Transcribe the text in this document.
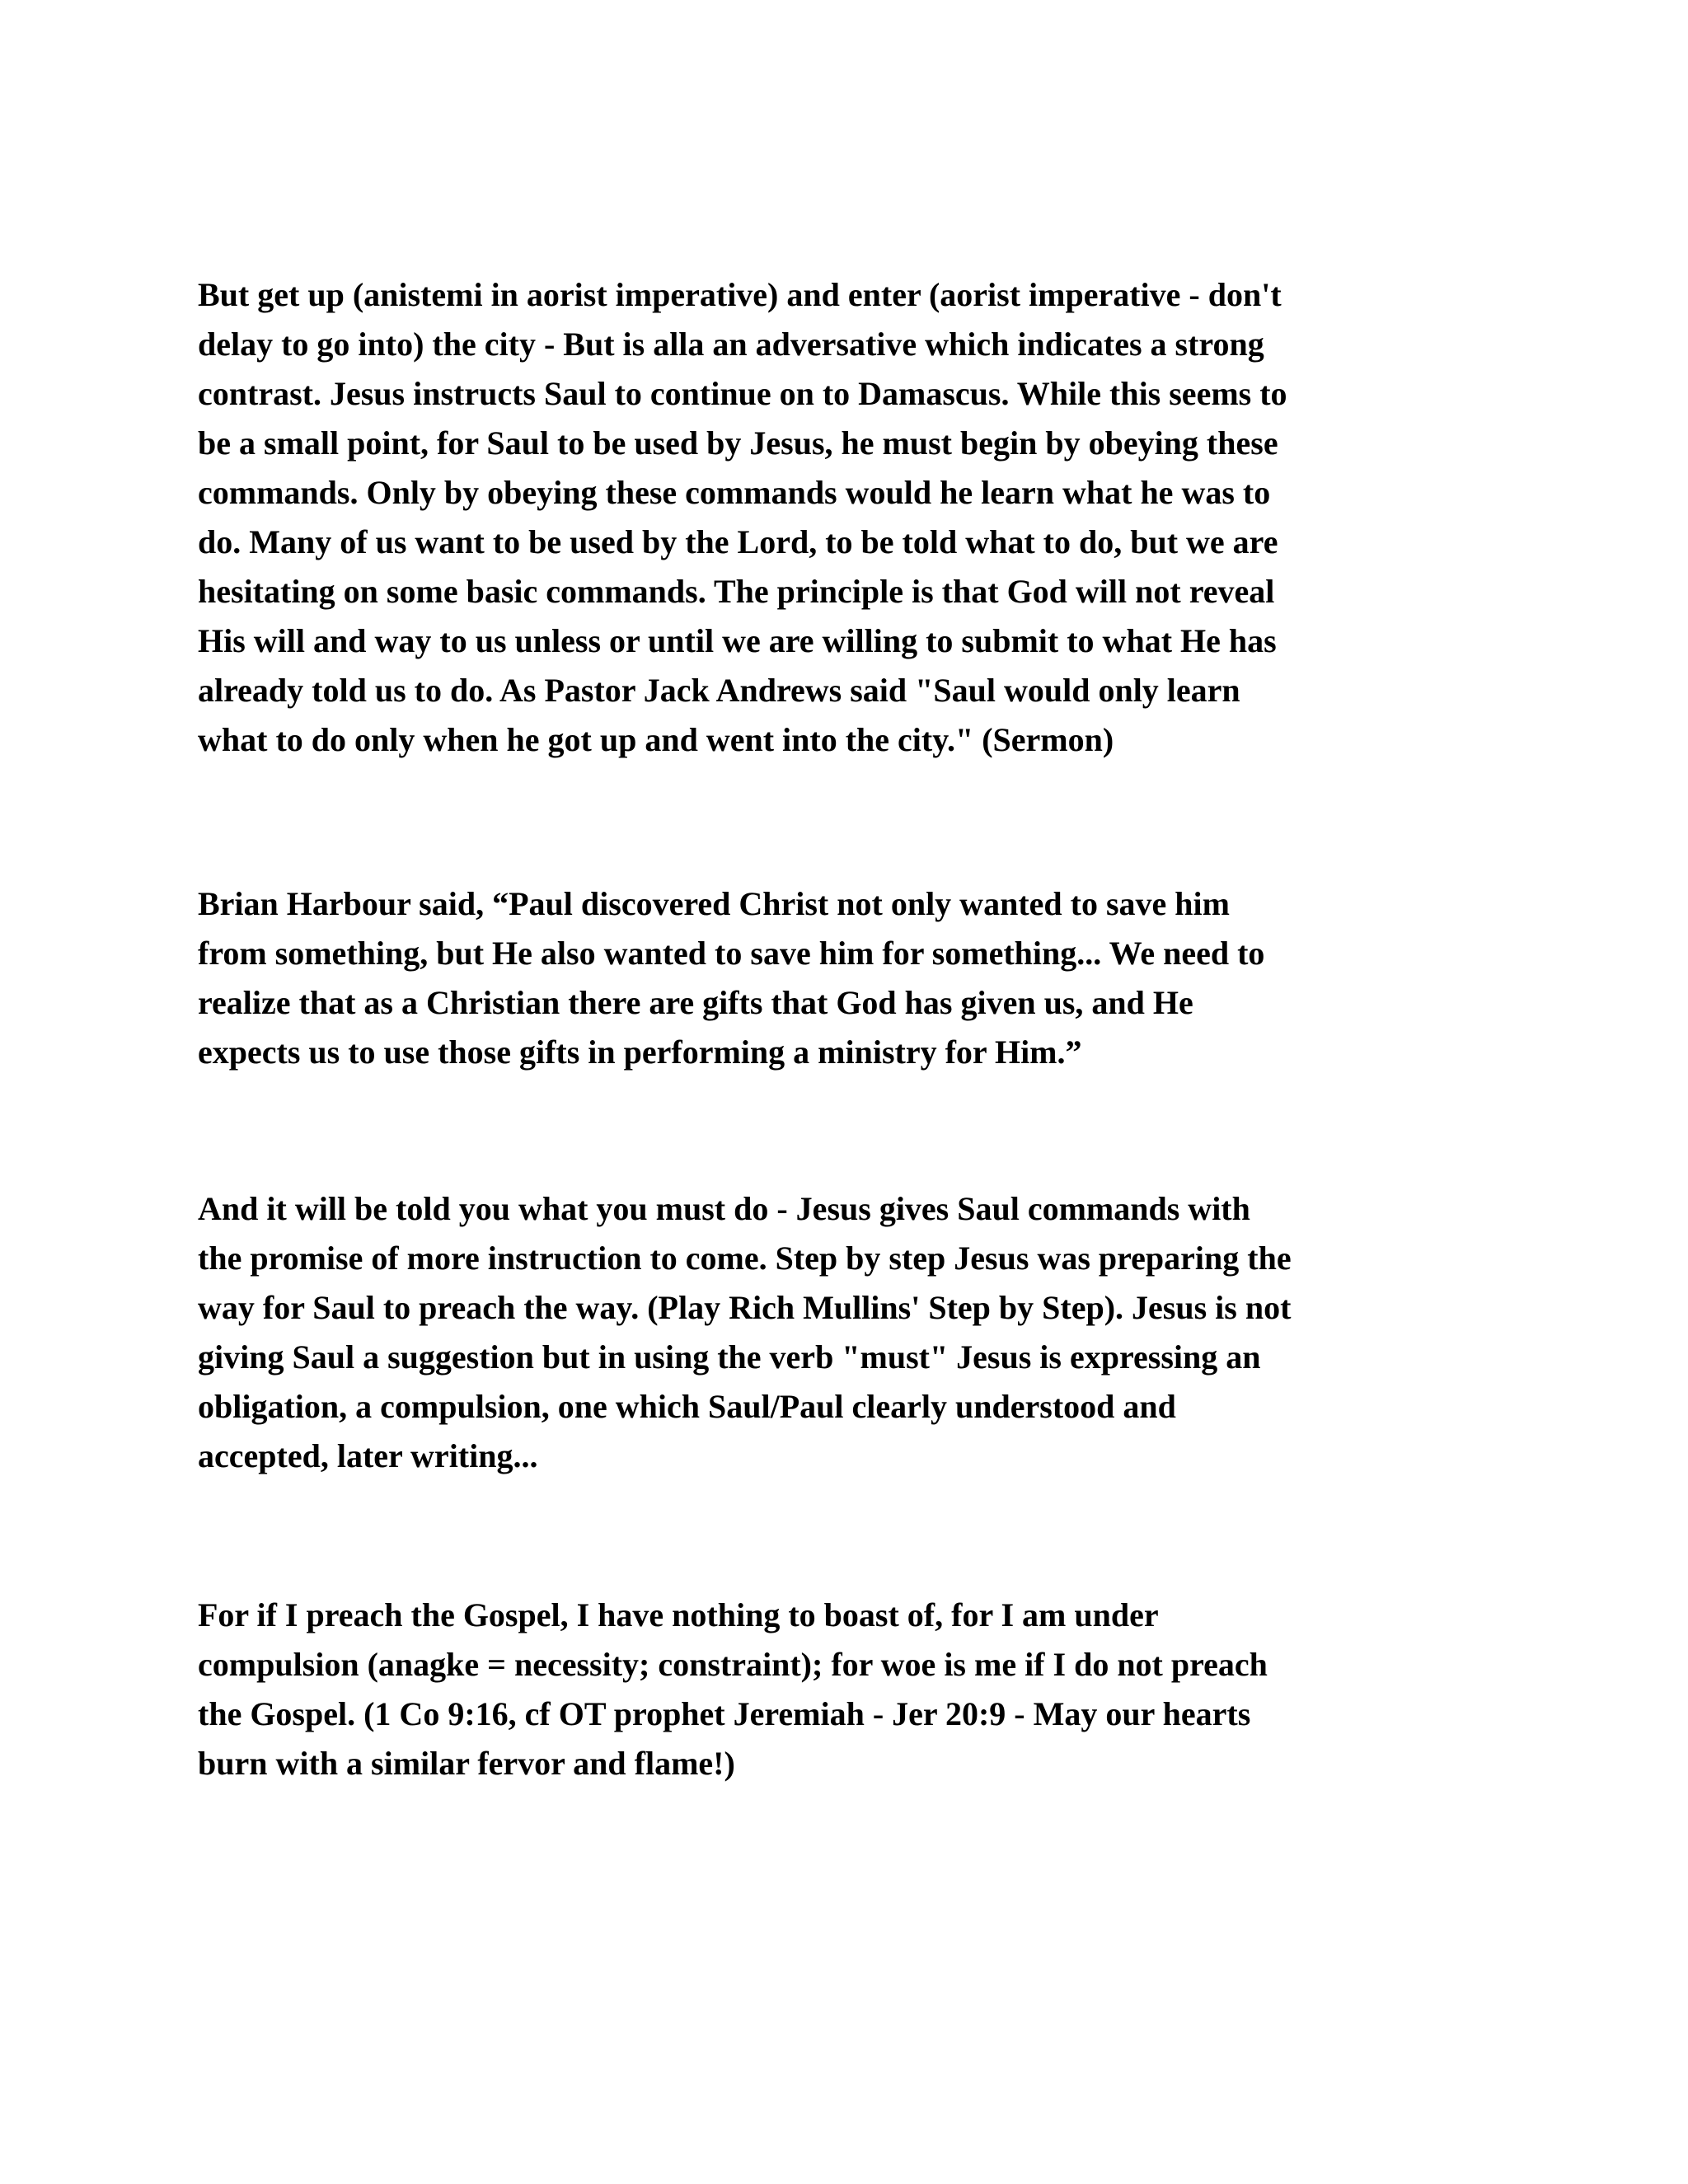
But get up (anistemi in aorist imperative) and enter (aorist imperative - don't
delay to go into) the city - But is alla an adversative which indicates a strong
contrast. Jesus instructs Saul to continue on to Damascus. While this seems to
be a small point, for Saul to be used by Jesus, he must begin by obeying these
commands. Only by obeying these commands would he learn what he was to
do. Many of us want to be used by the Lord, to be told what to do, but we are
hesitating on some basic commands. The principle is that God will not reveal
His will and way to us unless or until we are willing to submit to what He has
already told us to do. As Pastor Jack Andrews said "Saul would only learn
what to do only when he got up and went into the city." (Sermon)

Brian Harbour said, “Paul discovered Christ not only wanted to save him
from something, but He also wanted to save him for something... We need to
realize that as a Christian there are gifts that God has given us, and He
expects us to use those gifts in performing a ministry for Him.”

And it will be told you what you must do - Jesus gives Saul commands with
the promise of more instruction to come. Step by step Jesus was preparing the
way for Saul to preach the way. (Play Rich Mullins' Step by Step). Jesus is not
giving Saul a suggestion but in using the verb "must" Jesus is expressing an
obligation, a compulsion, one which Saul/Paul clearly understood and
accepted, later writing...

For if I preach the Gospel, I have nothing to boast of, for I am under
compulsion (anagke = necessity; constraint); for woe is me if I do not preach
the Gospel. (1 Co 9:16, cf OT prophet Jeremiah - Jer 20:9 - May our hearts
burn with a similar fervor and flame!)
